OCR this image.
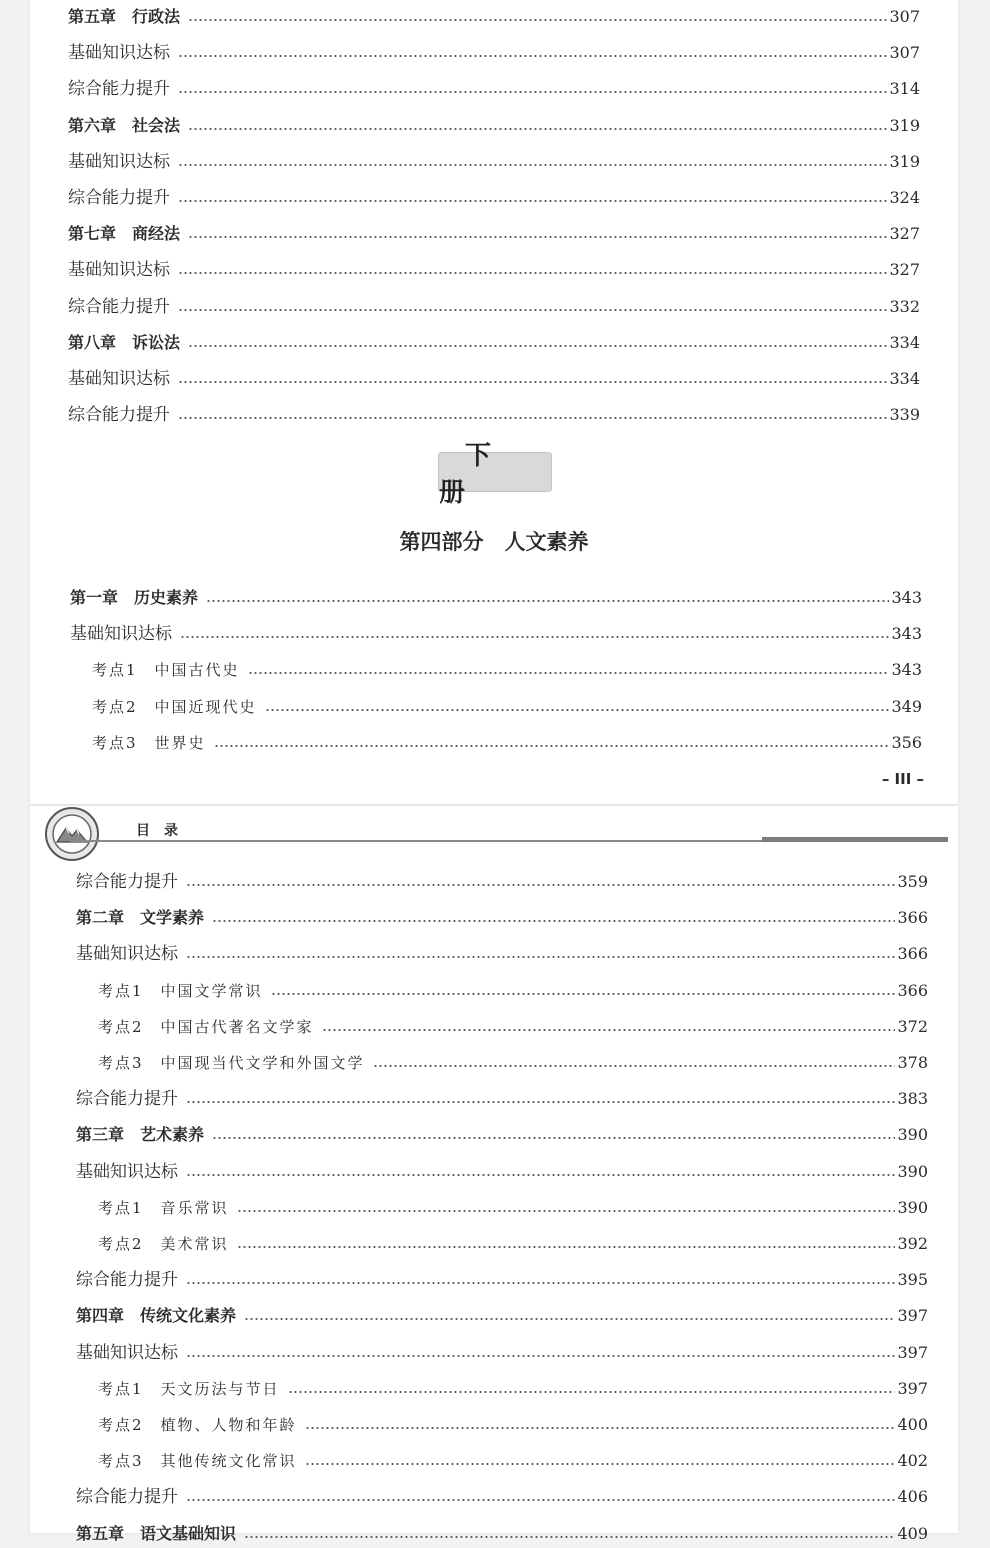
第五章　行政法	307
基础知识达标	307
综合能力提升	314
第六章　社会法	319
基础知识达标	319
综合能力提升	324
第七章　商经法	327
基础知识达标	327
综合能力提升	332
第八章　诉讼法	334
基础知识达标	334
综合能力提升	339
下册
第四部分　人文素养
第一章　历史素养	343
基础知识达标	343
考点1　中国古代史	343
考点2　中国近现代史	349
考点3　世界史	356
– III –
目录
综合能力提升	359
第二章　文学素养	366
基础知识达标	366
考点1　中国文学常识	366
考点2　中国古代著名文学家	372
考点3　中国现当代文学和外国文学	378
综合能力提升	383
第三章　艺术素养	390
基础知识达标	390
考点1　音乐常识	390
考点2　美术常识	392
综合能力提升	395
第四章　传统文化素养	397
基础知识达标	397
考点1　天文历法与节日	397
考点2　植物、人物和年龄	400
考点3　其他传统文化常识	402
综合能力提升	406
第五章　语文基础知识	409
